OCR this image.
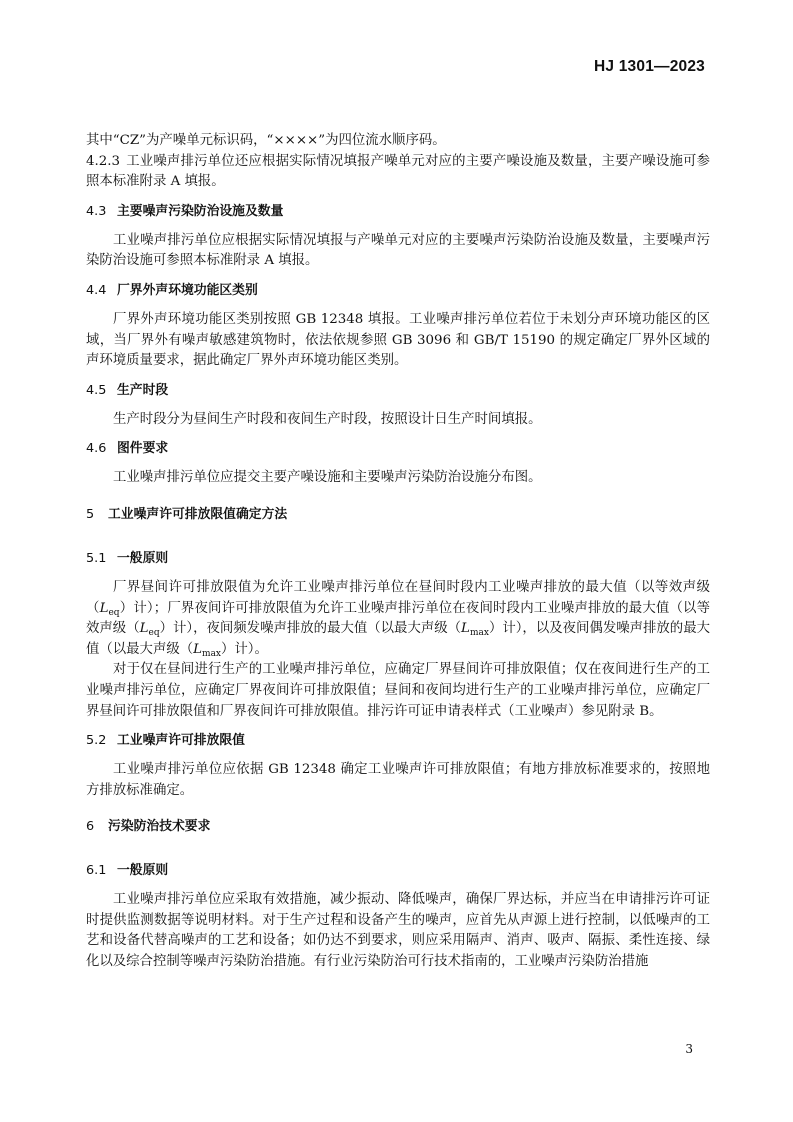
HJ 1301—2023

其中“CZ”为产噪单元标识码，“××××”为四位流水顺序码。

4.2.3 工业噪声排污单位还应根据实际情况填报产噪单元对应的主要产噪设施及数量，主要产噪设施可参照本标准附录 A 填报。

4.3 主要噪声污染防治设施及数量

工业噪声排污单位应根据实际情况填报与产噪单元对应的主要噪声污染防治设施及数量，主要噪声污染防治设施可参照本标准附录 A 填报。

4.4 厂界外声环境功能区类别

厂界外声环境功能区类别按照 GB 12348 填报。工业噪声排污单位若位于未划分声环境功能区的区域，当厂界外有噪声敏感建筑物时，依法依规参照 GB 3096 和 GB/T 15190 的规定确定厂界外区域的声环境质量要求，据此确定厂界外声环境功能区类别。

4.5 生产时段

生产时段分为昼间生产时段和夜间生产时段，按照设计日生产时间填报。

4.6 图件要求

工业噪声排污单位应提交主要产噪设施和主要噪声污染防治设施分布图。

5 工业噪声许可排放限值确定方法
5.1 一般原则

厂界昼间许可排放限值为允许工业噪声排污单位在昼间时段内工业噪声排放的最大值（以等效声级$(L_{eq})$计）；厂界夜间许可排放限值为允许工业噪声排污单位在夜间时段内工业噪声排放的最大值（以等效声级$(L_{eq})$计），夜间频发噪声排放的最大值（以最大声级$(L_{max})$计），以及夜间偶发噪声排放的最大值（以最大声级$(L_{max})$计）。

对于仅在昼间进行生产的工业噪声排污单位，应确定厂界昼间许可排放限值；仅在夜间进行生产的工业噪声排污单位，应确定厂界夜间许可排放限值；昼间和夜间均进行生产的工业噪声排污单位，应确定厂界昼间许可排放限值和厂界夜间许可排放限值。排污许可证申请表样式（工业噪声）参见附录 B。

5.2 工业噪声许可排放限值

工业噪声排污单位应依据 GB 12348 确定工业噪声许可排放限值；有地方排放标准要求的，按照地方排放标准确定。

6 污染防治技术要求
6.1 一般原则

工业噪声排污单位应采取有效措施，减少振动、降低噪声，确保厂界达标，并应当在申请排污许可证时提供监测数据等说明材料。对于生产过程和设备产生的噪声，应首先从声源上进行控制，以低噪声的工艺和设备代替高噪声的工艺和设备；如仍达不到要求，则应采用隔声、消声、吸声、隔振、柔性连接、绿化以及综合控制等噪声污染防治措施。有行业污染防治可行技术指南的，工业噪声污染防治措施

3
